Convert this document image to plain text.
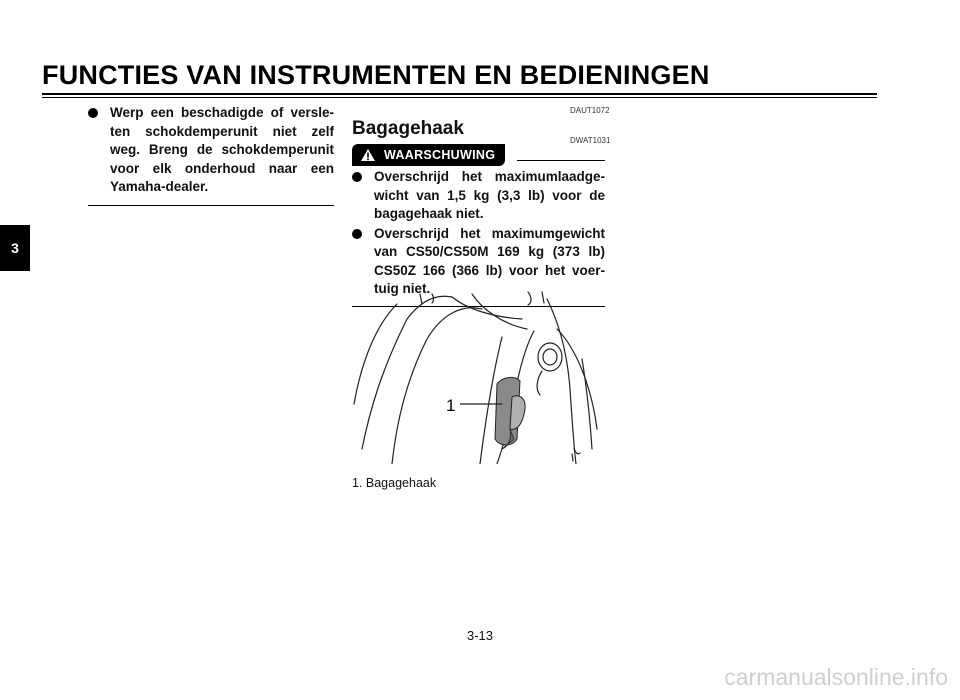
FUNCTIES VAN INSTRUMENTEN EN BEDIENINGEN
3
Werp een beschadigde of versle-ten schokdemperunit niet zelf weg. Breng de schokdemperunit voor elk onderhoud naar een Yamaha-dealer.
DAUT1072
Bagagehaak
DWAT1031
WAARSCHUWING
Overschrijd het maximumlaadge-wicht van 1,5 kg (3,3 lb) voor de bagagehaak niet.
Overschrijd het maximumgewicht van CS50/CS50M 169 kg (373 lb) CS50Z 166 (366 lb) voor het voer-tuig niet.
1
1. Bagagehaak
3-13
carmanualsonline.info
